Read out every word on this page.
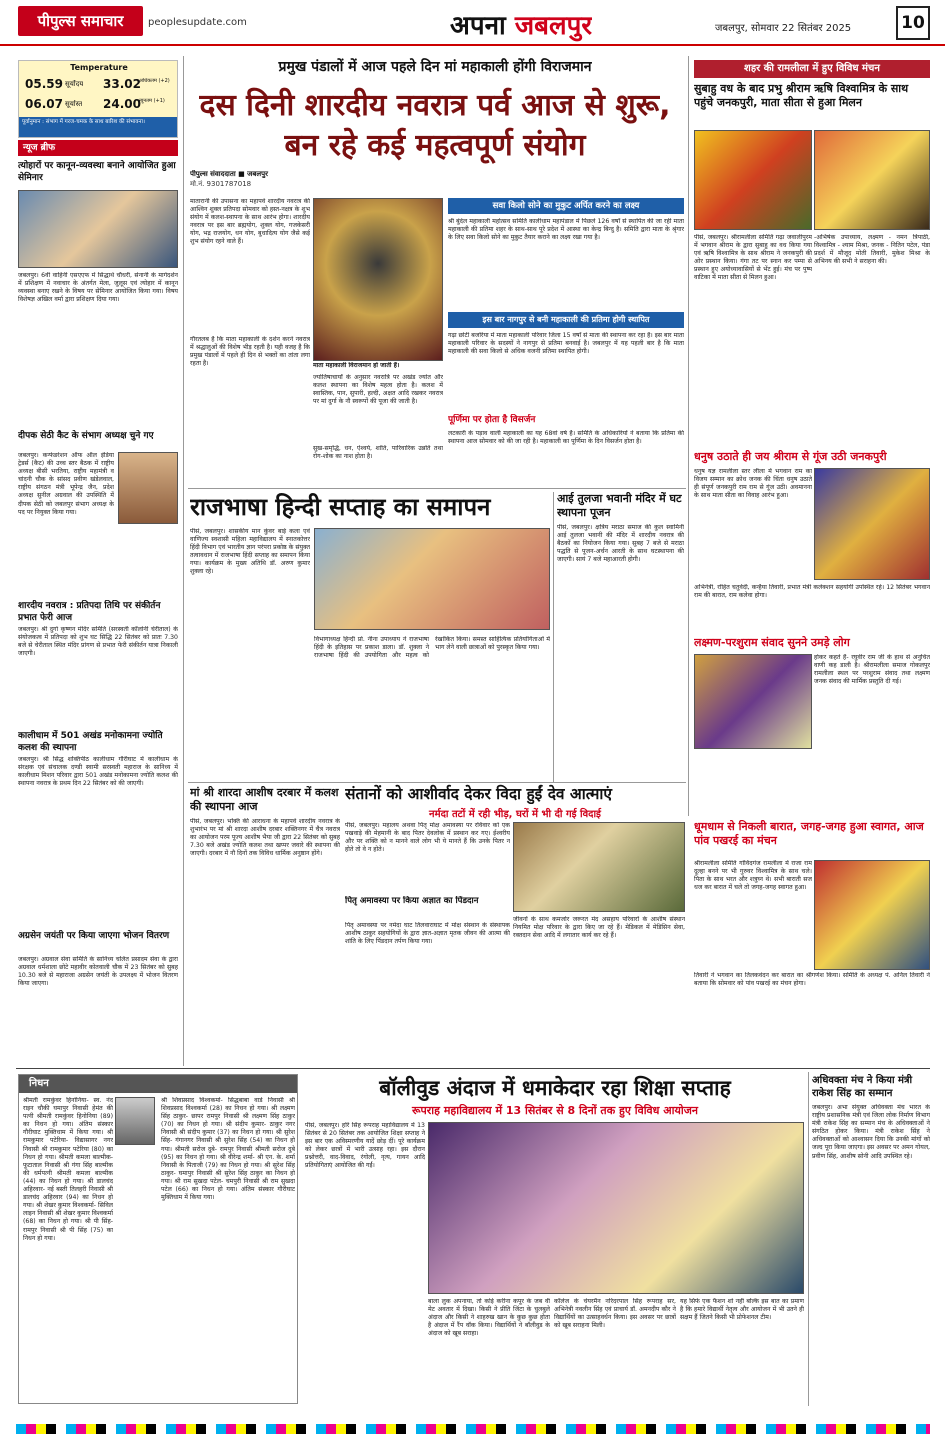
पीपुल्स समाचार	peoplesupdate.com	अपना जबलपुर	जबलपुर, सोमवार 22 सितंबर 2025	10
Temperature
05.59 सूर्योदय 33.02
अधिकतम (+2)
06.07 सूर्यास्त 24.00
न्यूनतम (+1)
पूर्वानुमान : संभाग में गरज-चमक के साथ बारिश की संभावना।
न्यूज ब्रीफ
त्योहारों पर कानून-व्यवस्था बनाने आयोजित हुआ सेमिनार
जबलपुर। 6वीं वाहिनी एसएएफ में सिद्धार्थ चौधरी, सेनानी के मार्गदर्शन में प्रशिक्षण में नवाचार के अंतर्गत मेला, जुलूस एवं त्योहार में कानून व्यवस्था बनाए रखने के विषय पर सेमिनार आयोजित किया गया। विषय विशेषज्ञ अखिल वर्मा द्वारा प्रशिक्षण दिया गया।
दीपक सेठी कैट के संभाग अध्यक्ष चुने गए
जबलपुर। कन्फेडरेशन ऑफ ऑल इंडिया ट्रेडर्स (कैट) की उच्च स्तर बैठक में राष्ट्रीय अध्यक्ष बीसी भरतिया, राष्ट्रीय महामंत्री व चांदनी चौक के सांसद प्रवीण खंडेलवाल, राष्ट्रीय संगठन मंत्री भूपेन्द्र जैन, प्रदेश अध्यक्ष सुनील अग्रवाल की उपस्थिति में दीपक सेठी को जबलपुर संभाग अध्यक्ष के पद पर नियुक्त किया गया।
शारदीय नवरात्र : प्रतिपदा तिथि पर संकीर्तन प्रभात फेरी आज
जबलपुर। श्री दुर्गा कृष्णन मंदिर समिति (सरस्वती कॉलोनी चेरीताल) के संयोजकत्व में प्रतिपदा को शुभ घट सिद्धि 22 सितंबर को प्रातः 7.30 बजे से चेरीताल स्थित मंदिर प्रांगण से प्रभात फेरी संकीर्तन यात्रा निकाली जाएगी।
कालीधाम में 501 अखंड मनोकामना ज्योति कलश की स्थापना
जबलपुर। श्री सिद्ध शक्तिपीठ कालीधाम गौरीघाट में कालीधाम के संरक्षक एवं संचालक दण्डी स्वामी सरस्वती महाराज के सानिध्य में कालीधाम मिशन परिवार द्वारा 501 अखंड मनोकामना ज्योति कलश की स्थापना नवरात्र के प्रथम दिन 22 सितंबर को की जाएगी।
अग्रसेन जयंती पर किया जाएगा भोजन वितरण
जबलपुर। अग्रवाल सेवा समिति के सानिध्य चलित प्रसादम सेवा के द्वारा अग्रवाल धर्मशाला छोटे महावीर कोतवाली चौक में 23 सितंबर को सुबह 10.30 बजे से महाराजा अग्रसेन जयंती के उपलक्ष्य में भोजन वितरण किया जाएगा।
प्रमुख पंडालों में आज पहले दिन मां महाकाली होंगी विराजमान
दस दिनी शारदीय नवरात्र पर्व आज से शुरू, बन रहे कई महत्वपूर्ण संयोग
पीपुल्स संवाददाता ■ जबलपुर
मो.नं. 9301787018
माता महाकाली विराजमान हो जाती हैं।
मातारानी की उपासना का महापर्व शारदीय नवरात्र की आश्विन शुक्ल प्रतिपदा सोमवार को हस्त-नक्षत्र के शुभ संयोग में कलश-स्थापना के साथ आरंभ होगा। शारदीय नवरात्र पर इस बार ब्रह्मयोग, शुक्ल योग, गजकेसरी योग, भद्र राजयोग, धन योग, बुधादित्य योग जैसे कई शुभ संयोग रहने वाले हैं।
ज्योतिषाचार्यों के अनुसार नवरात्रि पर अखंड ज्योत और कलश स्थापना का विशेष महत्व होता है। कलश में स्वास्तिक, पान, सुपारी, हल्दी, अक्षत आदि रखकर नवरात्र पर मां दुर्गा के नौ स्वरूपों की पूजा की जाती है।
गौरतलब है कि माता महाकाली के दर्शन करने नवरात्र में श्रद्धालुओं की विशेष भीड़ रहती है। यही वजह है कि प्रमुख पंडालों में पहले ही दिन से भक्तों का तांता लगा रहता है।
सुख-समृद्धि, धन, ऐश्वर्य, शांति, पारिवारिक उन्नति तथा रोग-शोक का नाश होता है।
सवा किलो सोने का मुकुट अर्पित करने का लक्ष्य
श्री बुंदेल महाकाली महोत्सव समिति कालीधाम महापंडाल में पिछले 126 वर्षों से स्थापित की जा रही माता महाकाली की प्रतिमा शहर के साथ-साथ पूरे प्रदेश में आस्था का केन्द्र बिन्दु है। समिति द्वारा माता के श्रृंगार के लिए सवा किलो सोने का मुकुट तैयार कराने का लक्ष्य रखा गया है।
इस बार नागपुर से बनी महाकाली की प्रतिमा होगी स्थापित
गढ़ा छोटी बजरिया में माता महाकाली परिवार जिला 15 वर्षों से माता की स्थापना कर रहा है। इस बार माता महाकाली परिवार के सदस्यों ने नागपुर से प्रतिमा बनवाई है। जबलपुर में यह पहली बार है कि माता महाकाली की सवा किलो से अधिक वजनी प्रतिमा स्थापित होगी।
पूर्णिमा पर होता है विसर्जन
लटकारी के पड़ाव वाली महाकाली का यह 68वां वर्ष है। समिति के अधिकारियों ने बताया कि प्रतिमा की स्थापना आज सोमवार को की जा रही है। महाकाली का पूर्णिमा के दिन विसर्जन होता है।
शहर की रामलीला में हुए विविध मंचन
सुबाहु वध के बाद प्रभु श्रीराम ऋषि विश्वामित्र के साथ पहुंचे जनकपुरी, माता सीता से हुआ मिलन
पीसं, जबलपुर। श्रीरामलीला समिति गढ़ा जवालीपुरम में भगवान श्रीराम के द्वारा सुबाहु का वध किया गया एवं ऋषि विश्वामित्र के साथ श्रीराम ने जनकपुरी की ओर प्रस्थान किया। गंगा तट पर स्नान कर पम्पा से प्रस्थान हुए अयोध्यावासियों से भेंट हुई। मंच पर पुष्प वाटिका में माता सीता से मिलन हुआ।
-अभिषेक उपाध्याय, लक्ष्मण - नमन त्रिपाठी, विश्वामित्र - श्याम मिश्रा, जनक - नितिन पटेल, पंडा प्रदर्श में मौजूद मोती तिवारी, मुकेश मिश्रा के अभिनय की सभी ने सराहना की।
धनुष उठाते ही जय श्रीराम से गूंज उठी जनकपुरी
धनुष यज्ञ रामलीला स्तर लीला में भगवान राम का विजय सम्मान का क्रोध जनक की चिंता धनुष उठाते ही संपूर्ण जनकपुरी राम राम से गूंज उठी। अवमानना के साथ माता सीता का विवाह आरंभ हुआ।
अभिनेत्री, रोहित चतुर्वेदी, कन्हैया तिवारी, प्रभात मंत्री कलेक्शन सहयोगी उपस्थित रहे। 12 सितंबर भगवान राम की बारात, राम कलेवा होगा।
लक्ष्मण-परशुराम संवाद सुनने उमड़े लोग
होकर कहते हैं- रघुवीर राम जी के हाथ से अनुचित वाणी कह डाली है। श्रीरामलीला समाज गोकलपुर रामलीला स्थल पर परशुराम संवाद तथा लक्ष्मण जनक संवाद की मार्मिक प्रस्तुति दी गई।
धूमधाम से निकली बारात, जगह-जगह हुआ स्वागत, आज पांव पखरई का मंचन
श्रीरामलीला समिति गोविंदगंज रामलीला में राजा राम दूल्हा बनने पर भी गुरुवर विश्वामित्र के साथ चले। पिता के साथ भरत और शत्रुघ्न थे। सभी बाराती सज धज कर बारात में चले तो जगह-जगह स्वागत हुआ।
तिवारी ने भगवान का तिलकवंदन कर बारात का श्रीगणेश किया। समिति के अध्यक्ष पं. अनिल तिवारी ने बताया कि सोमवार को पांव पखरई का मंचन होगा।
राजभाषा हिन्दी सप्ताह का समापन
पीसं, जबलपुर। शासकीय मान कुंवर बाई कला एवं वाणिज्य स्वशासी महिला महाविद्यालय में स्नातकोत्तर हिंदी विभाग एवं भारतीय ज्ञान परंपरा प्रकोष्ठ के संयुक्त तत्वावधान में राजभाषा हिंदी सप्ताह का समापन किया गया। कार्यक्रम के मुख्य अतिथि डॉ. अरुण कुमार शुक्ला रहे।
विभागाध्यक्ष हिन्दी प्रो. नीना उपाध्याय ने राजभाषा हिंदी के इतिहास पर प्रकाश डाला। डॉ. शुक्ला ने राजभाषा हिंदी की उपयोगिता और महत्व को रेखांकित किया। समस्त साहित्यिक प्रतियोगिताओं में भाग लेने वाली छात्राओं को पुरस्कृत किया गया।
आई तुलजा भवानी मंदिर में घट स्थापना पूजन
पीसं, जबलपुर। क्षत्रिय मराठा समाज की कुल स्वामिनी आई तुलजा भवानी की मंदिर में शारदीय नवरात्र की बैठकों का नियोजन किया गया। सुबह 7 बजे से मराठा पद्धति से पूजन-अर्चन आरती के साथ घटस्थापना की जाएगी। सायं 7 बजे महाआरती होगी।
मां श्री शारदा आशीष दरबार में कलश की स्थापना आज
पीसं, जबलपुर। भक्ति की आराधना के महापर्व शारदीय नवरात्र के शुभारंभ पर मां श्री शारदा आशीष दरबार शक्तिनगर में चैत्र नवरात्र का आयोजन परम पूज्य आशीष भैया जी द्वारा 22 सितंबर को सुबह 7.30 बजे अखंड ज्योति कलश तथा खप्पर जवारे की स्थापना की जाएगी। दरबार में नौ दिनों तक विविध धार्मिक अनुष्ठान होंगे।
संतानों को आशीर्वाद देकर विदा हुईं देव आत्माएं
नर्मदा तटों में रही भीड़, घरों में भी दी गई विदाई
पीसं, जबलपुर। महालय अथवा पितृ मोक्ष अमावस्या पर रविवार को एक पखवाड़े की मेहमानी के बाद पितर देवलोक में प्रस्थान कर गए। ईश्वरीय और पर शक्ति को न मानने वाले लोग भी ये मानते हैं कि उनके पितर न होते तो वे न होते।
पितृ अमावस्या पर किया अज्ञात का पिंडदान
पितृ अमावस्या पर नर्मदा घाट तिलवाराघाट में मोक्ष संस्थान के संस्थापक आशीष ठाकुर सहयोगियों के द्वारा ज्ञात-अज्ञात मृतक जीवन की आत्मा की शांति के लिए पिंडदान तर्पण किया गया।
जीवनों के साथ कमजोर जरूरत मंद असहाय परिवारों के आशीष संस्थान नियमित मोक्ष परिवार के द्वारा किए जा रहे हैं। मेडिकल में मेडिसिन सेवा, रक्तदान सेवा आदि में लगातार कार्य कर रहे हैं।
निधन
श्रीमती रामकुंवर हिनोनिया- स्व. नंद राइन चौकी घमापुर निवासी हेमंत की पत्नी श्रीमती रामकुंवर हिनोनिया (89) का निधन हो गया। अंतिम संस्कार गौरीघाट मुक्तिधाम में किया गया। श्री रामकुमार पटेरिया- विद्यासागर नगर निवासी श्री रामकुमार पटेरिया (80) का निधन हो गया। श्रीमती कमला बाल्मीक- फूटाताल निवासी श्री गंगा सिंह बाल्मीक की धर्मपत्नी श्रीमती कमला बाल्मीक (44) का निधन हो गया। श्री डालचंद अहिरवार- नई बस्ती तिलहरी निवासी श्री डालचंद अहिरवार (94) का निधन हो गया। श्री शेखर कुमार विश्वकर्मा- सिविल लाइन निवासी श्री शेखर कुमार विश्वकर्मा (68) का निधन हो गया। श्री पी सिंह- रामपुर निवासी श्री पी सिंह (75) का निधन हो गया।
श्री शिवप्रसाद विश्वकर्मा- सिद्धबाबा वार्ड निवासी श्री शिवप्रसाद विश्वकर्मा (28) का निधन हो गया। श्री लक्ष्मण सिंह ठाकुर- छापर रामपुर निवासी श्री लक्ष्मण सिंह ठाकुर (70) का निधन हो गया। श्री संदीप कुमार- ठाकुर नगर निवासी श्री संदीप कुमार (37) का निधन हो गया। श्री सुरेश सिंह- गंगानगर निवासी श्री सुरेश सिंह (54) का निधन हो गया। श्रीमती सरोज दुबे- रामपुर निवासी श्रीमती सरोज दुबे (95) का निधन हो गया। श्री वीरेन्द्र शर्मा- श्री एन. के. शर्मा निवासी के पिताजी (79) का निधन हो गया। श्री सुरेश सिंह ठाकुर- घमापुर निवासी श्री सुरेश सिंह ठाकुर का निधन हो गया। श्री राम सुखदा पटेल- चमपुरी निवासी श्री राम सुखदा पटेल (66) का निधन हो गया। अंतिम संस्कार गौरीघाट मुक्तिधाम में किया गया।
बॉलीवुड अंदाज में धमाकेदार रहा शिक्षा सप्ताह
रूपराह महाविद्यालय में 13 सितंबर से 8 दिनों तक हुए विविध आयोजन
पीसं, जबलपुर। हरि सिंह रूपराह महाविद्यालय में 13 सितंबर से 20 सितंबर तक आयोजित शिक्षा सप्ताह ने इस बार एक अविस्मरणीय यादें छोड़ दीं। पूरे कार्यक्रम को लेकर छात्रों में भारी उत्साह रहा। इस दौरान प्रश्नोत्तरी, वाद-विवाद, रंगोली, नृत्य, गायन आदि प्रतियोगिताएं आयोजित की गईं।
बाला लुक अपनाया, तो कोई करीना कपूर के जब वी मेट अवतार में दिखा। किसी ने प्रीति जिंटा के चुलबुले अंदाज और किसी ने शाहरुख खान के कुछ कुछ होता है अंदाज में रैंप वॉक किया। विद्यार्थियों ने बॉलीवुड के अंदाज को खूब सराहा।
कॉलेज के चेयरमैन नरिंदरपाल सिंह रूपराह सर, अभिनेत्री नवलीन सिंह एवं प्राचार्य डॉ. अमनदीप कौर ने विद्यार्थियों का उत्साहवर्धन किया। इस अवसर पर छात्रों को खूब सराहना मिली।
यह सिर्फ एक फैशन शो नहीं बल्कि इस बात का प्रमाण है कि हमारे विद्यार्थी नेतृत्व और आयोजन में भी उतने ही सक्षम हैं जितने किसी भी प्रोफेशनल टीम।
अधिवक्ता मंच ने किया मंत्री राकेश सिंह का सम्मान
जबलपुर। अभा संयुक्त अधिवक्ता मंच भारत के राष्ट्रीय प्रशासनिक मंत्री एवं जिला लोक निर्माण विभाग मंत्री राकेश सिंह का सम्मान मंच के अधिवक्ताओं ने संगठित होकर किया। मंत्री राकेश सिंह ने अधिवक्ताओं को आश्वासन दिया कि उनकी मांगों को जल्द पूरा किया जाएगा। इस अवसर पर अमन गोयल, प्रवीण सिंह, आशीष सोनी आदि उपस्थित रहे।
